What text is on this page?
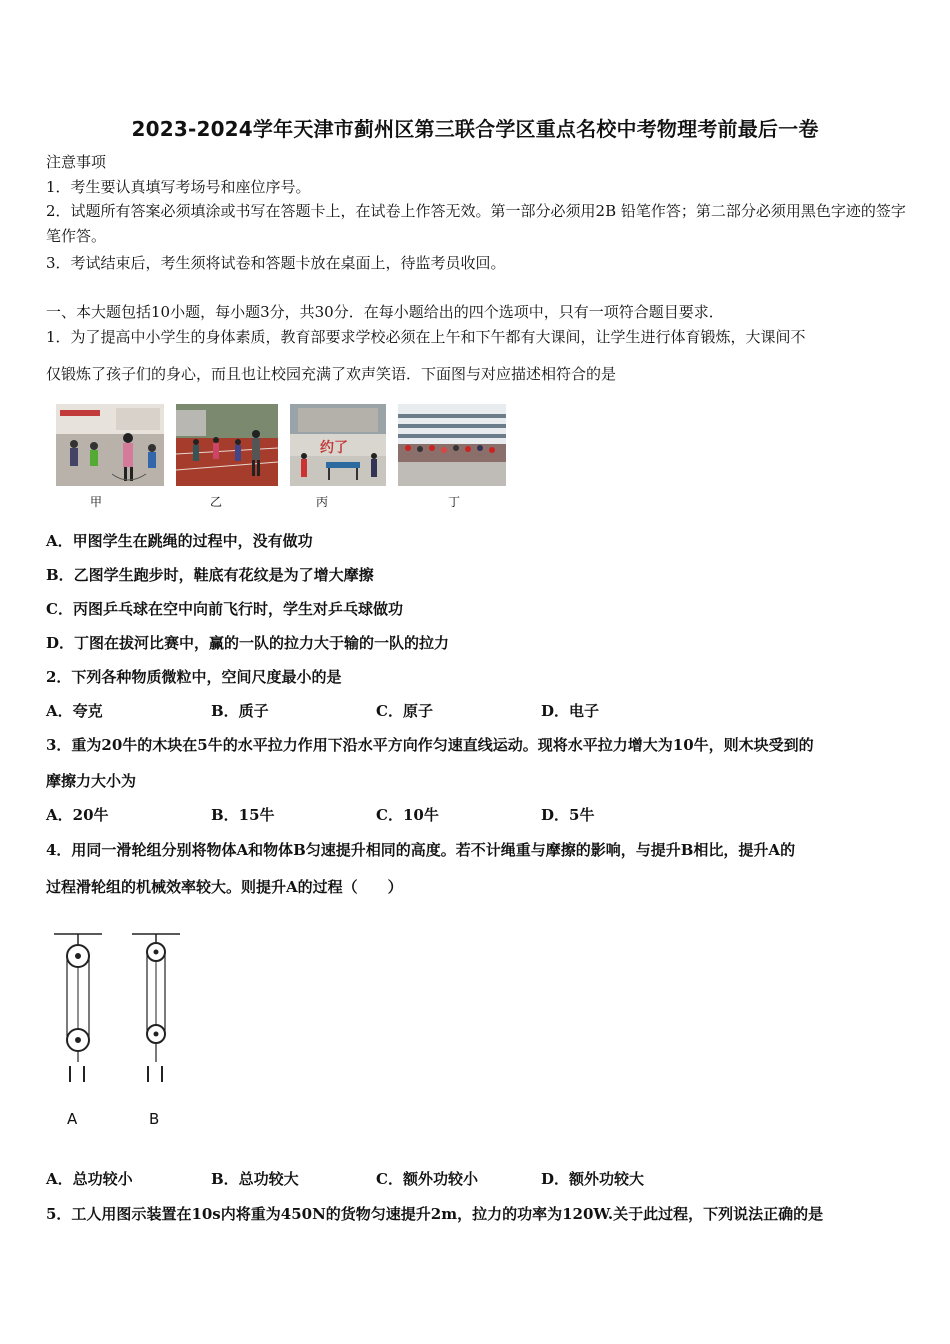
2023-2024学年天津市蓟州区第三联合学区重点名校中考物理考前最后一卷
注意事项
1．考生要认真填写考场号和座位序号。
2．试题所有答案必须填涂或书写在答题卡上，在试卷上作答无效。第一部分必须用2B 铅笔作答；第二部分必须用黑色字迹的签字笔作答。
3．考试结束后，考生须将试卷和答题卡放在桌面上，待监考员收回。
一、本大题包括10小题，每小题3分，共30分．在每小题给出的四个选项中，只有一项符合题目要求．
1．为了提高中小学生的身体素质，教育部要求学校必须在上午和下午都有大课间，让学生进行体育锻炼，大课间不
仅锻炼了孩子们的身心，而且也让校园充满了欢声笑语．下面图与对应描述相符合的是
约了
甲	乙	丙	丁
A．甲图学生在跳绳的过程中，没有做功
B．乙图学生跑步时，鞋底有花纹是为了增大摩擦
C．丙图乒乓球在空中向前飞行时，学生对乒乓球做功
D．丁图在拔河比赛中，赢的一队的拉力大于输的一队的拉力
2．下列各种物质微粒中，空间尺度最小的是
A．夸克	B．质子	C．原子	D．电子
3．重为20牛的木块在5牛的水平拉力作用下沿水平方向作匀速直线运动。现将水平拉力增大为10牛，则木块受到的
摩擦力大小为
A．20牛	B．15牛	C．10牛	D．5牛
4．用同一滑轮组分别将物体A和物体B匀速提升相同的高度。若不计绳重与摩擦的影响，与提升B相比，提升A的
过程滑轮组的机械效率较大。则提升A的过程（　　）
A	B
A．总功较小	B．总功较大	C．额外功较小	D．额外功较大
5．工人用图示装置在10s内将重为450N的货物匀速提升2m，拉力的功率为120W.关于此过程，下列说法正确的是
